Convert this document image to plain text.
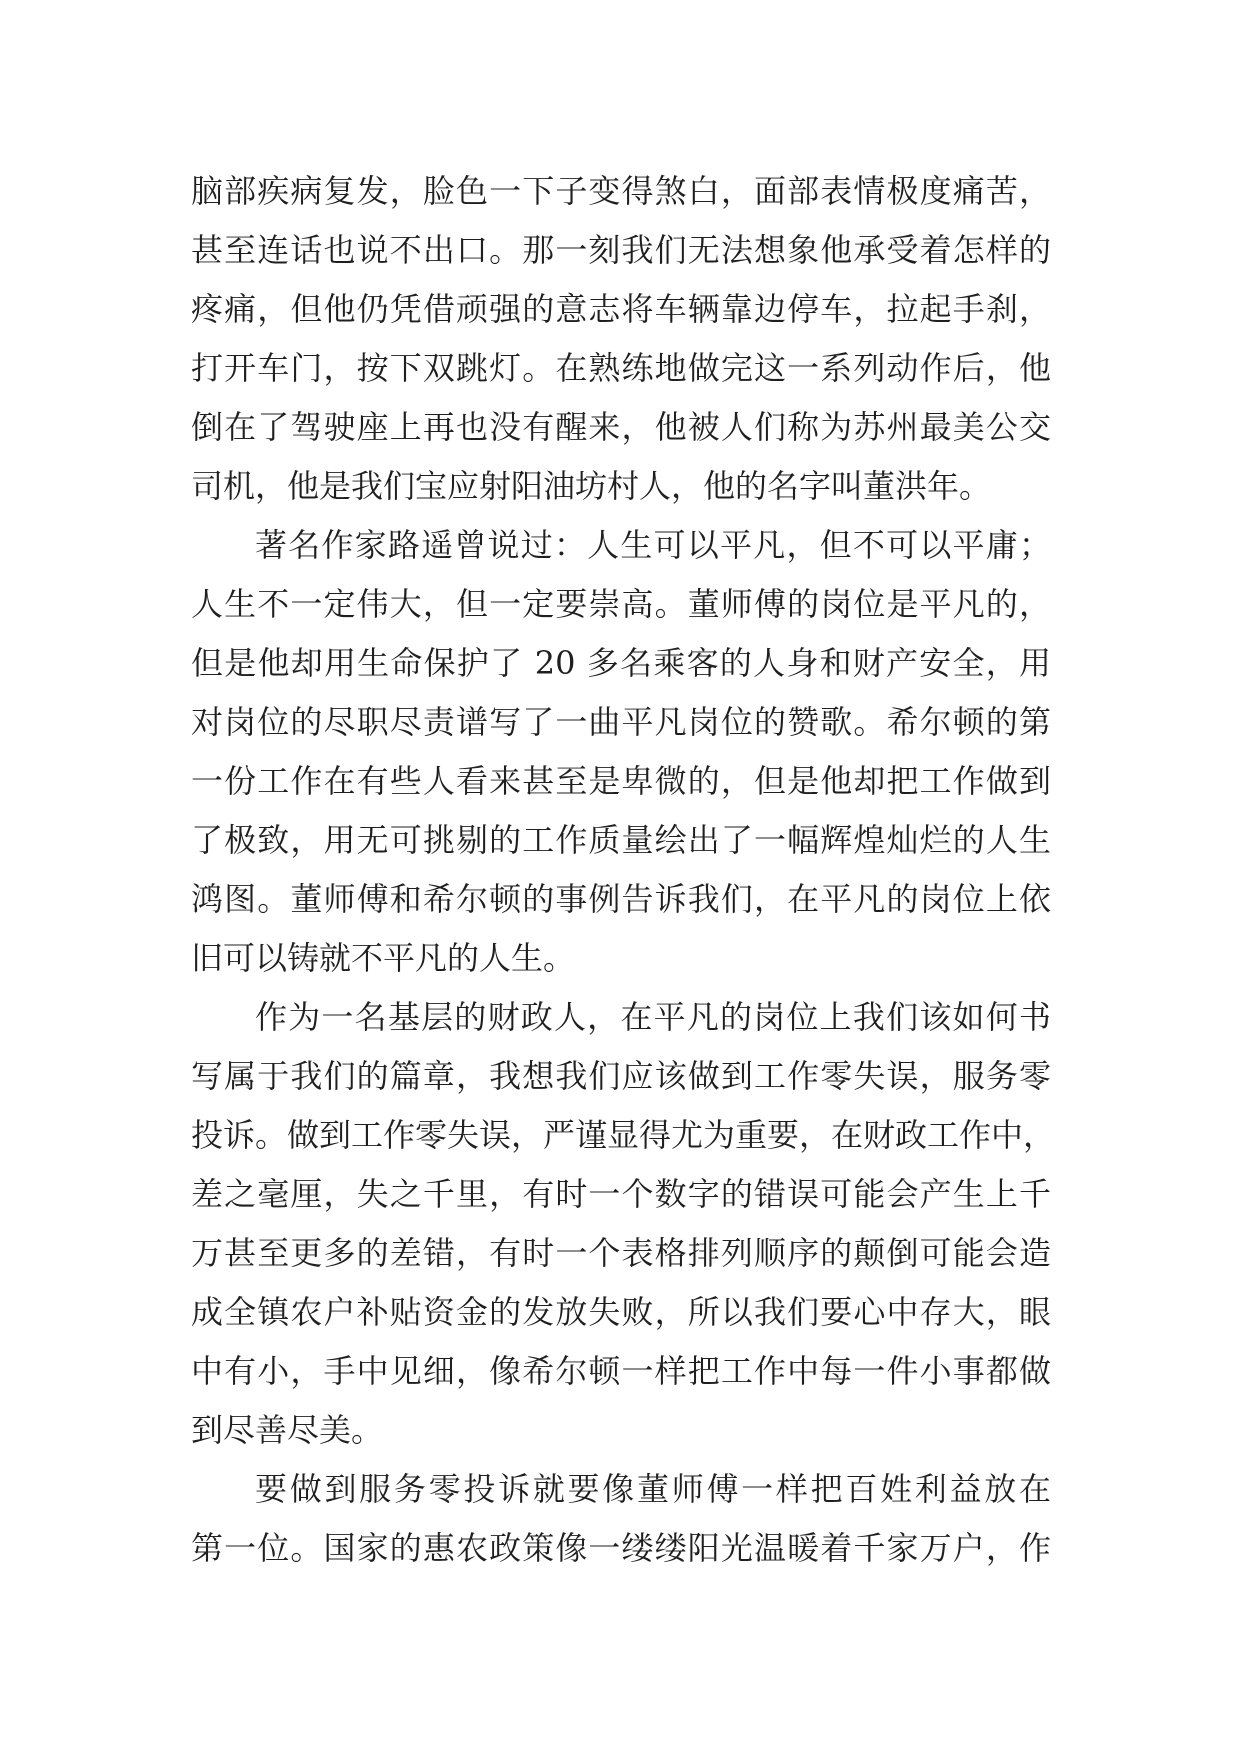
脑部疾病复发，脸色一下子变得煞白，面部表情极度痛苦，
甚至连话也说不出口。那一刻我们无法想象他承受着怎样的
疼痛，但他仍凭借顽强的意志将车辆靠边停车，拉起手刹，
打开车门，按下双跳灯。在熟练地做完这一系列动作后，他
倒在了驾驶座上再也没有醒来，他被人们称为苏州最美公交
司机，他是我们宝应射阳油坊村人，他的名字叫董洪年。
著名作家路遥曾说过：人生可以平凡，但不可以平庸；
人生不一定伟大，但一定要崇高。董师傅的岗位是平凡的，
但是他却用生命保护了 20 多名乘客的人身和财产安全，用
对岗位的尽职尽责谱写了一曲平凡岗位的赞歌。希尔顿的第
一份工作在有些人看来甚至是卑微的，但是他却把工作做到
了极致，用无可挑剔的工作质量绘出了一幅辉煌灿烂的人生
鸿图。董师傅和希尔顿的事例告诉我们，在平凡的岗位上依
旧可以铸就不平凡的人生。
作为一名基层的财政人，在平凡的岗位上我们该如何书
写属于我们的篇章，我想我们应该做到工作零失误，服务零
投诉。做到工作零失误，严谨显得尤为重要，在财政工作中，
差之毫厘，失之千里，有时一个数字的错误可能会产生上千
万甚至更多的差错，有时一个表格排列顺序的颠倒可能会造
成全镇农户补贴资金的发放失败，所以我们要心中存大，眼
中有小，手中见细，像希尔顿一样把工作中每一件小事都做
到尽善尽美。
要做到服务零投诉就要像董师傅一样把百姓利益放在
第一位。国家的惠农政策像一缕缕阳光温暖着千家万户，作
